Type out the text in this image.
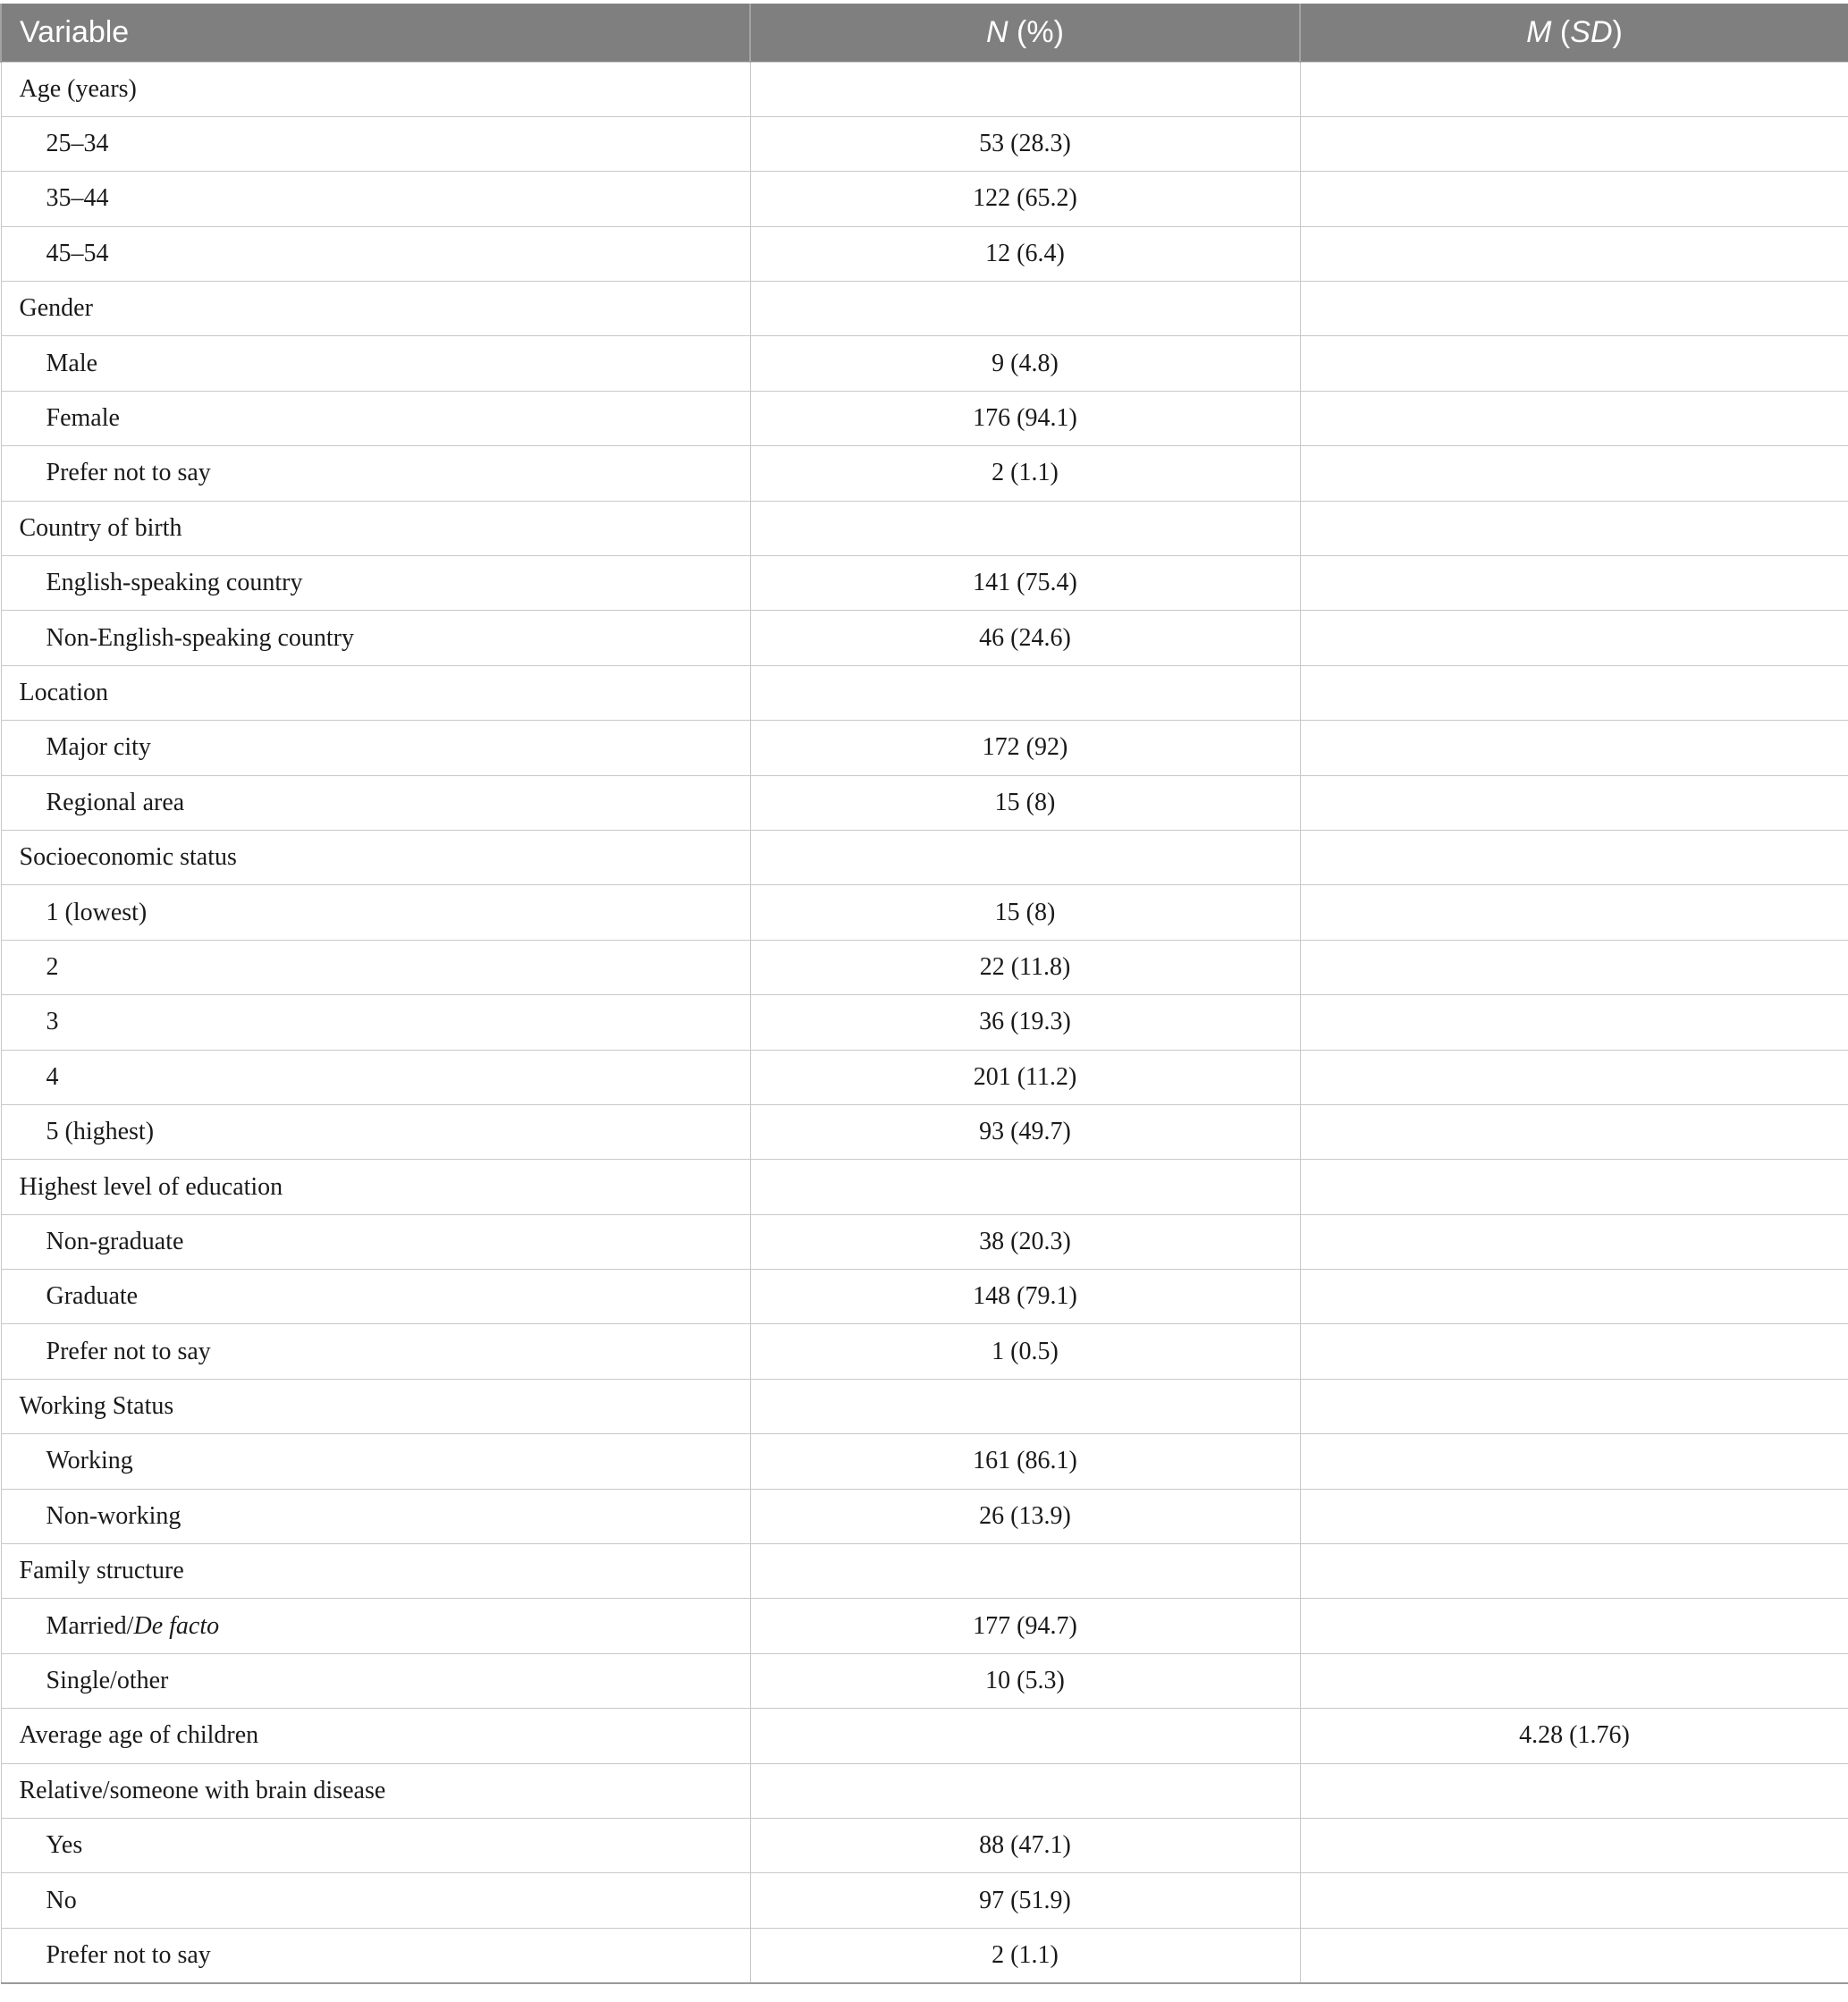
Variable	N (%)	M (SD)
Age (years)		
25–34	53 (28.3)	
35–44	122 (65.2)	
45–54	12 (6.4)	
Gender		
Male	9 (4.8)	
Female	176 (94.1)	
Prefer not to say	2 (1.1)	
Country of birth		
English-speaking country	141 (75.4)	
Non-English-speaking country	46 (24.6)	
Location		
Major city	172 (92)	
Regional area	15 (8)	
Socioeconomic status		
1 (lowest)	15 (8)	
2	22 (11.8)	
3	36 (19.3)	
4	201 (11.2)	
5 (highest)	93 (49.7)	
Highest level of education		
Non-graduate	38 (20.3)	
Graduate	148 (79.1)	
Prefer not to say	1 (0.5)	
Working Status		
Working	161 (86.1)	
Non-working	26 (13.9)	
Family structure		
Married/De facto	177 (94.7)	
Single/other	10 (5.3)	
Average age of children		4.28 (1.76)
Relative/someone with brain disease		
Yes	88 (47.1)	
No	97 (51.9)	
Prefer not to say	2 (1.1)	
